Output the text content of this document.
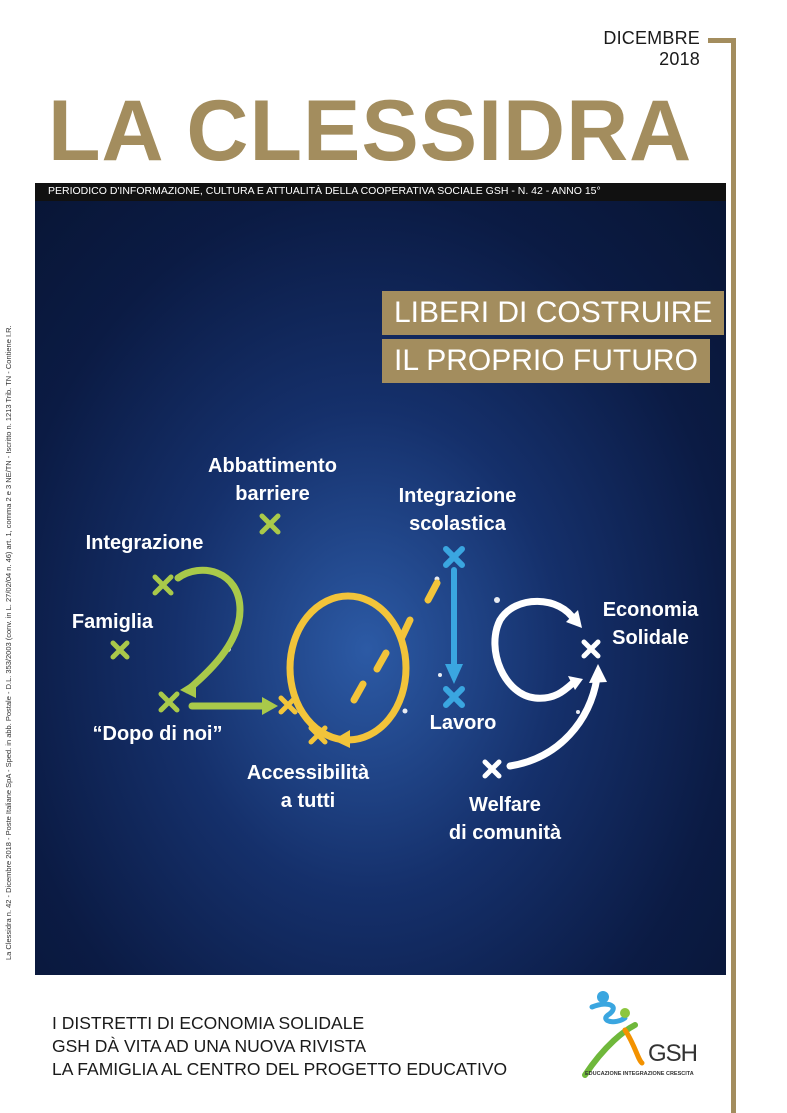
DICEMBRE 2018
LA CLESSIDRA
PERIODICO D'INFORMAZIONE, CULTURA E ATTUALITÀ DELLA COOPERATIVA SOCIALE GSH - N. 42 - ANNO 15°
La Clessidra n. 42 - Dicembre 2018 - Poste Italiane SpA - Sped. in abb. Postale - D.L. 353/2003 (conv. in L. 27/02/04 n. 46) art. 1, comma 2 e 3 NE/TN - Iscritto n. 1213 Trib. TN - Contiene I.R.
LIBERI DI COSTRUIRE
IL PROPRIO FUTURO
Abbattimento
barriere	Integrazione
scolastica
Integrazione
Famiglia
Economia
Solidale
“Dopo di noi”	Lavoro
Accessibilità
a tutti	Welfare
di comunità
I DISTRETTI DI ECONOMIA SOLIDALE
GSH DÀ VITA AD UNA NUOVA RIVISTA
LA FAMIGLIA AL CENTRO DEL PROGETTO EDUCATIVO
GSH
EDUCAZIONE INTEGRAZIONE CRESCITA
